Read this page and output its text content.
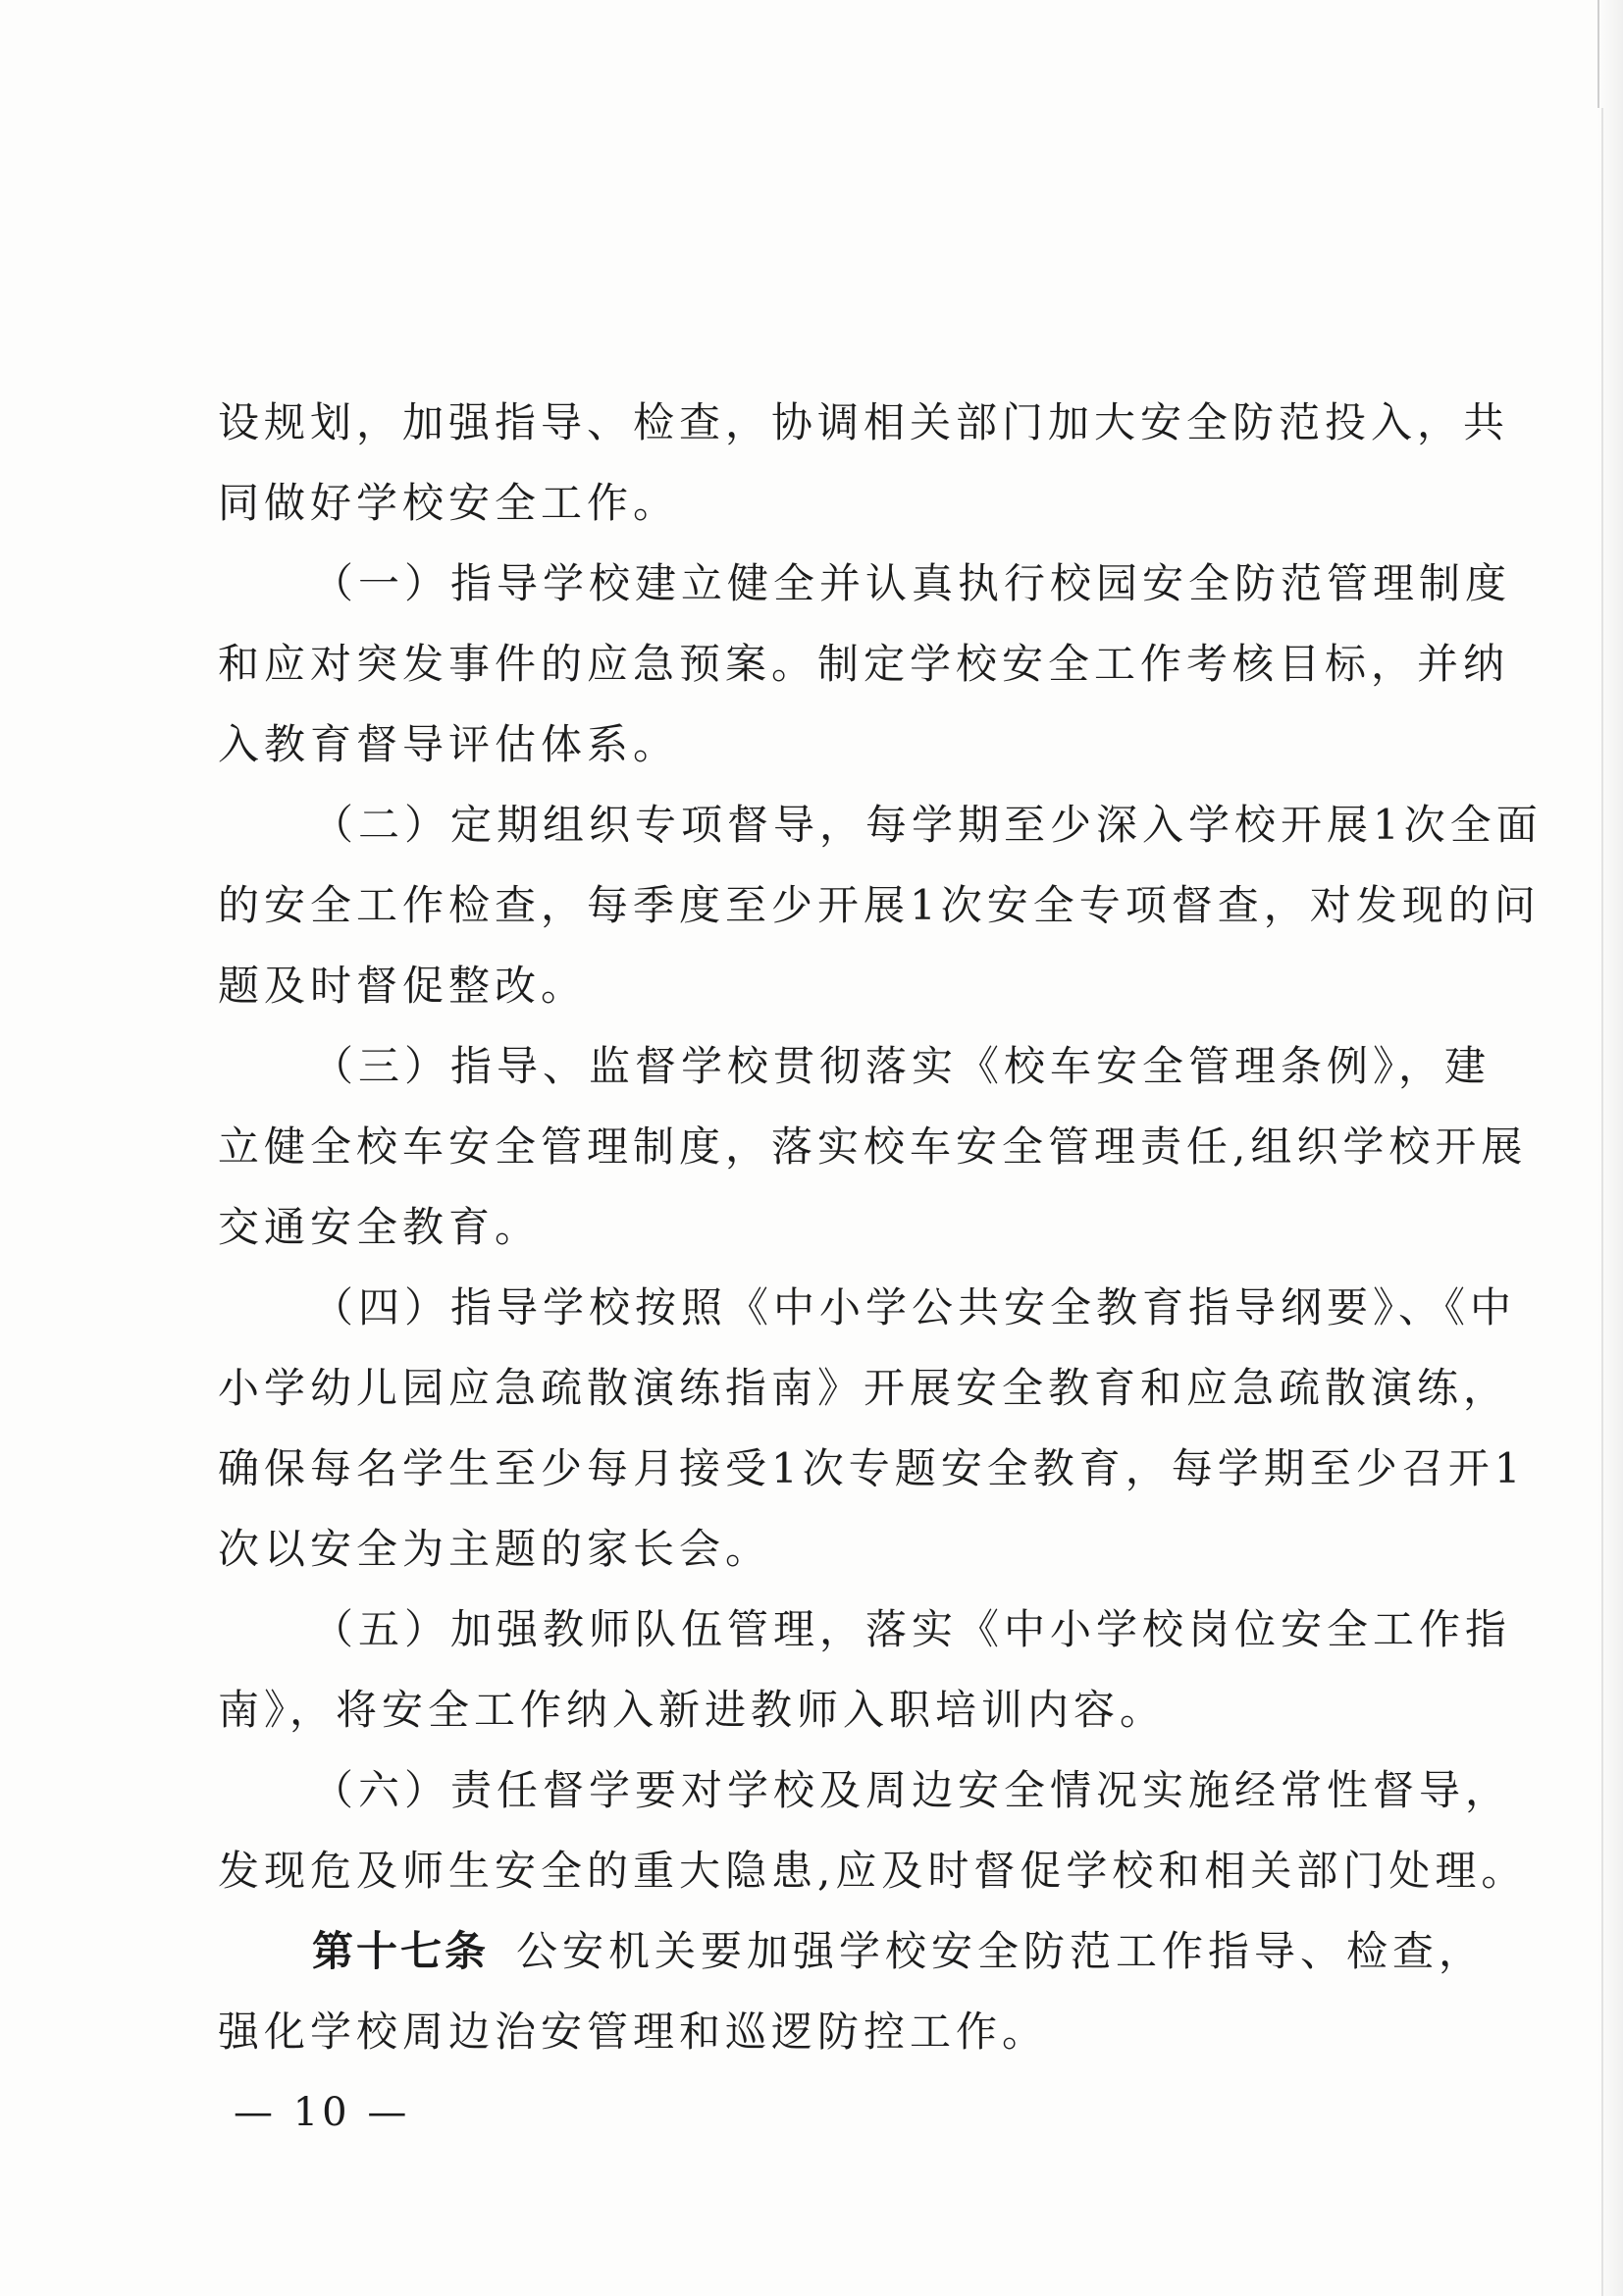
设规划，加强指导、检查，协调相关部门加大安全防范投入，共
同做好学校安全工作。
（一）指导学校建立健全并认真执行校园安全防范管理制度
和应对突发事件的应急预案。制定学校安全工作考核目标，并纳
入教育督导评估体系。
（二）定期组织专项督导，每学期至少深入学校开展1次全面
的安全工作检查，每季度至少开展1次安全专项督查，对发现的问
题及时督促整改。
（三）指导、监督学校贯彻落实《校车安全管理条例》，建
立健全校车安全管理制度，落实校车安全管理责任,组织学校开展
交通安全教育。
（四）指导学校按照《中小学公共安全教育指导纲要》、《中
小学幼儿园应急疏散演练指南》开展安全教育和应急疏散演练，
确保每名学生至少每月接受1次专题安全教育，每学期至少召开1
次以安全为主题的家长会。
（五）加强教师队伍管理，落实《中小学校岗位安全工作指
南》，将安全工作纳入新进教师入职培训内容。
（六）责任督学要对学校及周边安全情况实施经常性督导，
发现危及师生安全的重大隐患,应及时督促学校和相关部门处理。
第十七条 公安机关要加强学校安全防范工作指导、检查，
强化学校周边治安管理和巡逻防控工作。
— 10 —
